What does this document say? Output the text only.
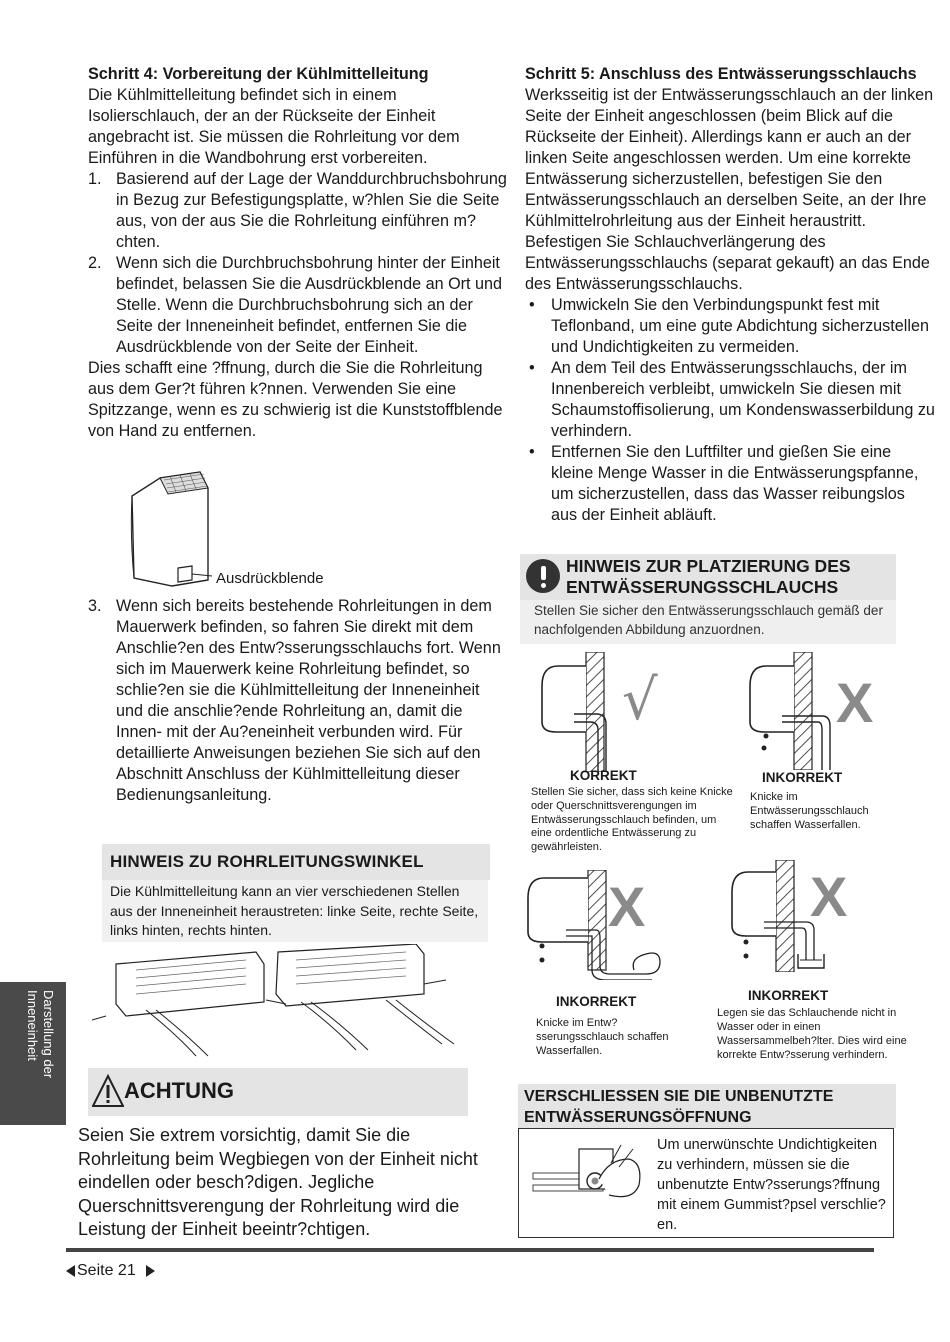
Schritt 4: Vorbereitung der Kühlmittelleitung

Die Kühlmittelleitung befindet sich in einem Isolierschlauch, der an der Rückseite der Einheit angebracht ist. Sie müssen die Rohrleitung vor dem Einführen in die Wandbohrung erst vorbereiten.

1. Basierend auf der Lage der Wanddurchbruchsbohrung in Bezug zur Befestigungsplatte, w?hlen Sie die Seite aus, von der aus Sie die Rohrleitung einführen m?chten.
2. Wenn sich die Durchbruchsbohrung hinter der Einheit befindet, belassen Sie die Ausdrückblende an Ort und Stelle. Wenn die Durchbruchsbohrung sich an der Seite der Inneneinheit befindet, entfernen Sie die Ausdrückblende von der Seite der Einheit.

Dies schafft eine ?ffnung, durch die Sie die Rohrleitung aus dem Ger?t führen k?nnen. Verwenden Sie eine Spitzzange, wenn es zu schwierig ist die Kunststoffblende von Hand zu entfernen.

Ausdrückblende
3. Wenn sich bereits bestehende Rohrleitungen in dem Mauerwerk befinden, so fahren Sie direkt mit dem Anschlie?en des Entw?sserungsschlauchs fort. Wenn sich im Mauerwerk keine Rohrleitung befindet, so schlie?en sie die Kühlmittelleitung der Inneneinheit und die anschlie?ende Rohrleitung an, damit die Innen- mit der Au?eneinheit verbunden wird. Für detaillierte Anweisungen beziehen Sie sich auf den Abschnitt Anschluss der Kühlmittelleitung dieser Bedienungsanleitung.
HINWEIS ZU ROHRLEITUNGSWINKEL
Die Kühlmittelleitung kann an vier verschiedenen Stellen aus der Inneneinheit heraustreten: linke Seite, rechte Seite, links hinten, rechts hinten.
ACHTUNG
Seien Sie extrem vorsichtig, damit Sie die Rohrleitung beim Wegbiegen von der Einheit nicht eindellen oder besch?digen. Jegliche Querschnittsverengung der Rohrleitung wird die Leistung der Einheit beeintr?chtigen.

Schritt 5: Anschluss des Entwässerungsschlauchs

Werksseitig ist der Entwässerungsschlauch an der linken Seite der Einheit angeschlossen (beim Blick auf die Rückseite der Einheit). Allerdings kann er auch an der linken Seite angeschlossen werden. Um eine korrekte Entwässerung sicherzustellen, befestigen Sie den Entwässerungsschlauch an derselben Seite, an der Ihre Kühlmittelrohrleitung aus der Einheit heraustritt. Befestigen Sie Schlauchverlängerung des Entwässerungsschlauchs (separat gekauft) an das Ende des Entwässerungsschlauchs.

•	Umwickeln Sie den Verbindungspunkt fest mit Teflonband, um eine gute Abdichtung sicherzustellen und Undichtigkeiten zu vermeiden.
•	An dem Teil des Entwässerungsschlauchs, der im Innenbereich verbleibt, umwickeln Sie diesen mit Schaumstoffisolierung, um Kondenswasserbildung zu verhindern.
•	Entfernen Sie den Luftfilter und gießen Sie eine kleine Menge Wasser in die Entwässerungspfanne, um sicherzustellen, dass das Wasser reibungslos aus der Einheit abläuft.
HINWEIS ZUR PLATZIERUNG DES ENTWÄSSERUNGSSCHLAUCHS
Stellen Sie sicher den Entwässerungsschlauch gemäß der nachfolgenden Abbildung anzuordnen.
√
KORREKT
Stellen Sie sicher, dass sich keine Knicke oder Querschnittsverengungen im Entwässerungsschlauch befinden, um eine ordentliche Entwässerung zu gewährleisten.
X
INKORREKT
Knicke im Entwässerungsschlauch schaffen Wasserfallen.
X
INKORREKT
Knicke im Entw?sserungsschlauch schaffen Wasserfallen.
X
INKORREKT
Legen sie das Schlauchende nicht in Wasser oder in einen Wassersammelbeh?lter. Dies wird eine korrekte Entw?sserung verhindern.
VERSCHLIESSEN SIE DIE UNBENUTZTE ENTWÄSSERUNGSÖFFNUNG
Um unerwünschte Undichtigkeiten zu verhindern, müssen sie die unbenutzte Entw?sserungs?ffnung mit einem Gummist?psel verschlie?en.
Darstellung der Inneneinheit
Seite 21
